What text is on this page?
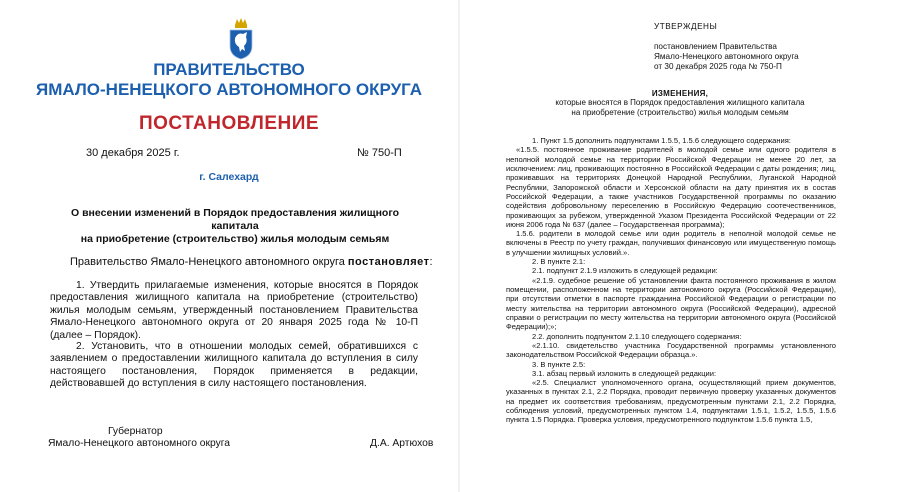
ПРАВИТЕЛЬСТВО
ЯМАЛО-НЕНЕЦКОГО АВТОНОМНОГО ОКРУГА
ПОСТАНОВЛЕНИЕ
30 декабря 2025 г.	№ 750-П
г. Салехард
О внесении изменений в Порядок предоставления жилищного капитала
на приобретение (строительство) жилья молодым семьям
Правительство Ямало-Ненецкого автономного округа постановляет:
1. Утвердить прилагаемые изменения, которые вносятся в Порядок предоставления жилищного капитала на приобретение (строительство) жилья молодым семьям, утвержденный постановлением Правительства Ямало-Ненецкого автономного округа от 20 января 2025 года № 10-П (далее – Порядок).
2. Установить, что в отношении молодых семей, обратившихся с заявлением о предоставлении жилищного капитала до вступления в силу настоящего постановления, Порядок применяется в редакции, действовавшей до вступления в силу настоящего постановления.
Губернатор
Ямало-Ненецкого автономного округа	Д.А. Артюхов
УТВЕРЖДЕНЫ
постановлением Правительства
Ямало-Ненецкого автономного округа
от 30 декабря 2025 года № 750-П
ИЗМЕНЕНИЯ,
которые вносятся в Порядок предоставления жилищного капитала
на приобретение (строительство) жилья молодым семьям

1. Пункт 1.5 дополнить подпунктами 1.5.5, 1.5.6 следующего содержания:

«1.5.5. постоянное проживание родителей в молодой семье или одного родителя в неполной молодой семье на территории Российской Федерации не менее 20 лет, за исключением: лиц, проживающих постоянно в Российской Федерации с даты рождения; лиц, проживавших на территориях Донецкой Народной Республики, Луганской Народной Республики, Запорожской области и Херсонской области на дату принятия их в состав Российской Федерации, а также участников Государственной программы по оказанию содействия добровольному переселению в Российскую Федерацию соотечественников, проживающих за рубежом, утвержденной Указом Президента Российской Федерации от 22 июня 2006 года № 637 (далее – Государственная программа);

1.5.6. родители в молодой семье или один родитель в неполной молодой семье не включены в Реестр по учету граждан, получивших финансовую или имущественную помощь в улучшении жилищных условий.».

2. В пункте 2.1:

2.1. подпункт 2.1.9 изложить в следующей редакции:

«2.1.9. судебное решение об установлении факта постоянного проживания в жилом помещении, расположенном на территории автономного округа (Российской Федерации), при отсутствии отметки в паспорте гражданина Российской Федерации о регистрации по месту жительства на территории автономного округа (Российской Федерации), адресной справки о регистрации по месту жительства на территории автономного округа (Российской Федерации);»;

2.2. дополнить подпунктом 2.1.10 следующего содержания:

«2.1.10. свидетельство участника Государственной программы установленного законодательством Российской Федерации образца.».

3. В пункте 2.5:

3.1. абзац первый изложить в следующей редакции:

«2.5. Специалист уполномоченного органа, осуществляющий прием документов, указанных в пунктах 2.1, 2.2 Порядка, проводит первичную проверку указанных документов на предмет их соответствия требованиям, предусмотренным пунктами 2.1, 2.2 Порядка, соблюдения условий, предусмотренных пунктом 1.4, подпунктами 1.5.1, 1.5.2, 1.5.5, 1.5.6 пункта 1.5 Порядка. Проверка условия, предусмотренного подпунктом 1.5.6 пункта 1.5,
